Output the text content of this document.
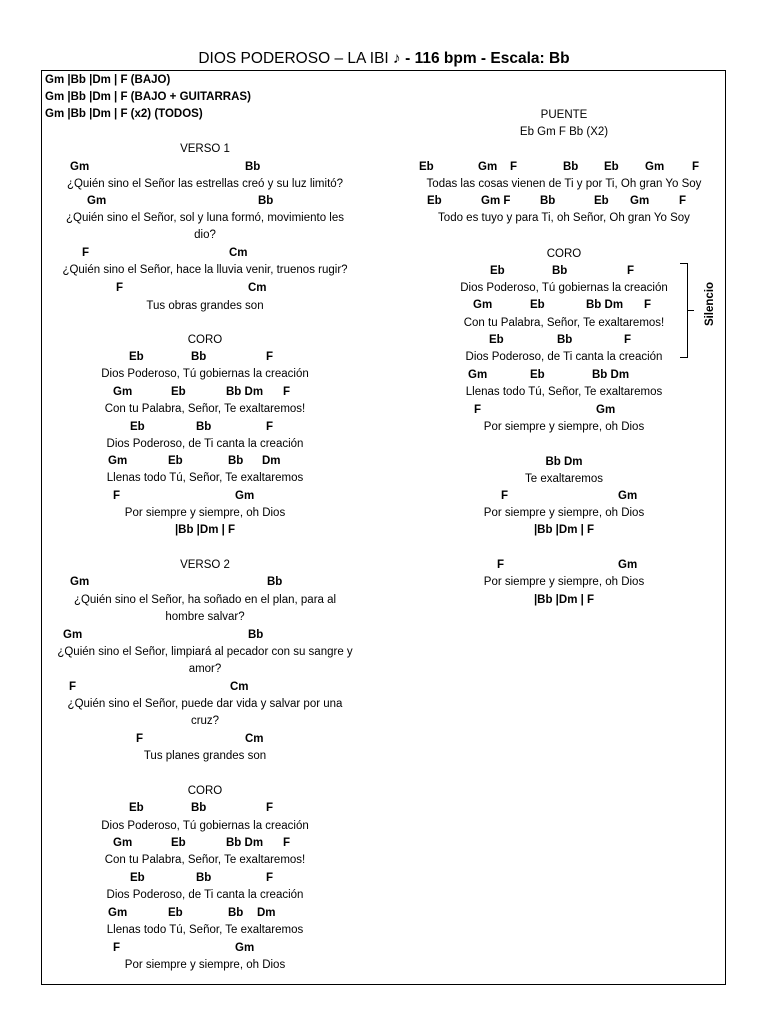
DIOS PODEROSO – LA IBI ♪ - 116 bpm - Escala: Bb
Gm |Bb |Dm | F (BAJO)
Gm |Bb |Dm | F (BAJO + GUITARRAS)
Gm |Bb |Dm | F (x2) (TODOS)
VERSO 1
Gm	Bb
¿Quién sino el Señor las estrellas creó y su luz limitó?
Gm	Bb
¿Quién sino el Señor, sol y luna formó, movimiento les
dio?
F	Cm
¿Quién sino el Señor, hace la lluvia venir, truenos rugir?
F	Cm
Tus obras grandes son
CORO
Eb	Bb	F
Dios Poderoso, Tú gobiernas la creación
Gm	Eb	Bb Dm F
Con tu Palabra, Señor, Te exaltaremos!
Eb	Bb	F
Dios Poderoso, de Ti canta la creación
Gm	Eb	Bb Dm
Llenas todo Tú, Señor, Te exaltaremos
F	Gm
Por siempre y siempre, oh Dios
|Bb |Dm | F
VERSO 2
Gm	Bb
¿Quién sino el Señor, ha soñado en el plan, para al
hombre salvar?
Gm	Bb
¿Quién sino el Señor, limpiará al pecador con su sangre y
amor?
F	Cm
¿Quién sino el Señor, puede dar vida y salvar por una
cruz?
F	Cm
Tus planes grandes son
CORO
Eb	Bb	F
Dios Poderoso, Tú gobiernas la creación
Gm	Eb	Bb Dm F
Con tu Palabra, Señor, Te exaltaremos!
Eb	Bb	F
Dios Poderoso, de Ti canta la creación
Gm	Eb	Bb Dm
Llenas todo Tú, Señor, Te exaltaremos
F	Gm
Por siempre y siempre, oh Dios
PUENTE
Eb Gm F Bb (X2)
Eb	Gm F	Bb Eb Gm F
Todas las cosas vienen de Ti y por Ti, Oh gran Yo Soy
Eb	Gm F	Bb	Eb Gm	F
Todo es tuyo y para Ti, oh Señor, Oh gran Yo Soy
CORO
Eb	Bb	F
Dios Poderoso, Tú gobiernas la creación
Gm	Eb	Bb Dm F
Con tu Palabra, Señor, Te exaltaremos!
Eb	Bb	F
Dios Poderoso, de Ti canta la creación
Gm	Eb	Bb Dm
Llenas todo Tú, Señor, Te exaltaremos
F	Gm
Por siempre y siempre, oh Dios
Silencio
Bb Dm
Te exaltaremos
F	Gm
Por siempre y siempre, oh Dios
|Bb |Dm | F
F	Gm
Por siempre y siempre, oh Dios
|Bb |Dm | F
